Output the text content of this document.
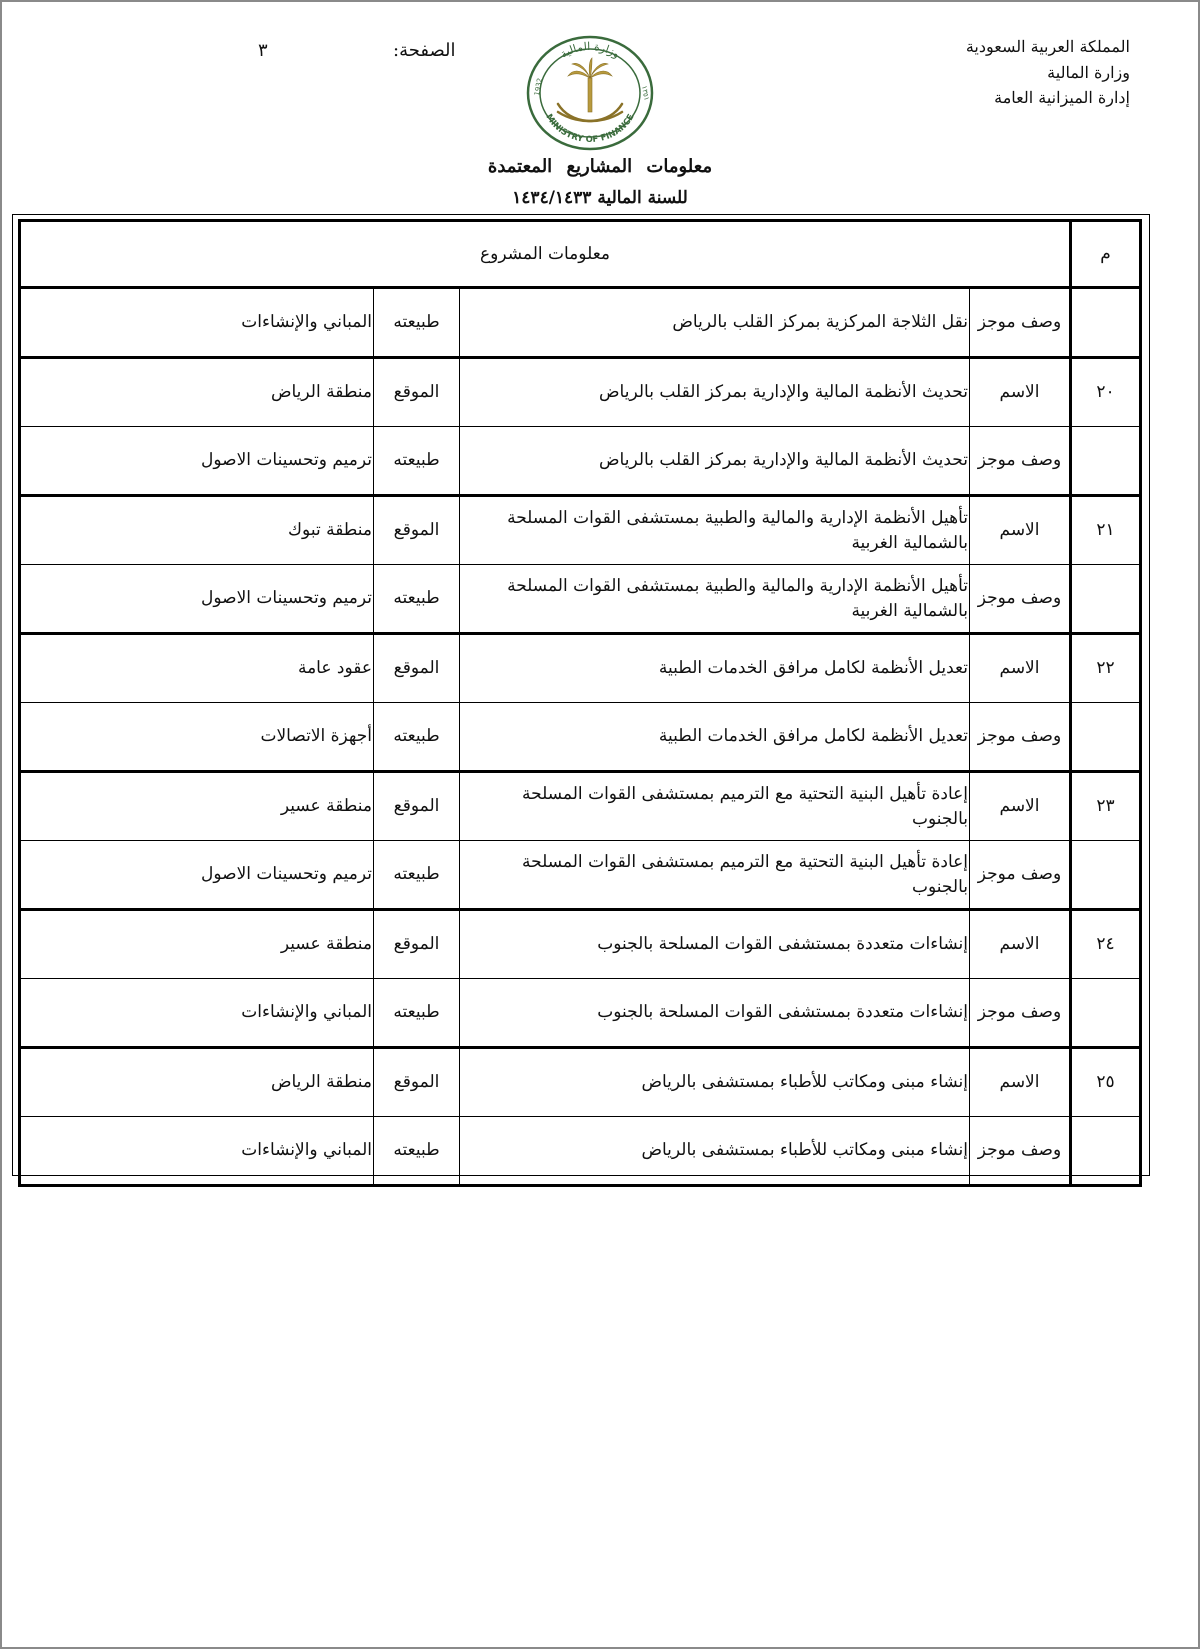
المملكة العربية السعودية
وزارة المالية
إدارة الميزانية العامة
وزارة المالية
MINISTRY OF FINANCE
1932	١٣٥١
الصفحة:
٣
معلومات المشاريع المعتمدة
للسنة المالية ١٤٣٤/١٤٣٣
م	معلومات المشروع			
	وصف موجز	نقل الثلاجة المركزية بمركز القلب بالرياض	طبيعته	المباني والإنشاءات
٢٠	الاسم	تحديث الأنظمة المالية والإدارية بمركز القلب بالرياض	الموقع	منطقة الرياض
	وصف موجز	تحديث الأنظمة المالية والإدارية بمركز القلب بالرياض	طبيعته	ترميم وتحسينات الاصول
٢١	الاسم	تأهيل الأنظمة الإدارية والمالية والطبية بمستشفى القوات المسلحة بالشمالية الغربية	الموقع	منطقة تبوك
	وصف موجز	تأهيل الأنظمة الإدارية والمالية والطبية بمستشفى القوات المسلحة بالشمالية الغربية	طبيعته	ترميم وتحسينات الاصول
٢٢	الاسم	تعديل الأنظمة لكامل مرافق الخدمات الطبية	الموقع	عقود عامة
	وصف موجز	تعديل الأنظمة لكامل مرافق الخدمات الطبية	طبيعته	أجهزة الاتصالات
٢٣	الاسم	إعادة تأهيل البنية التحتية مع الترميم بمستشفى القوات المسلحة بالجنوب	الموقع	منطقة عسير
	وصف موجز	إعادة تأهيل البنية التحتية مع الترميم بمستشفى القوات المسلحة بالجنوب	طبيعته	ترميم وتحسينات الاصول
٢٤	الاسم	إنشاءات متعددة بمستشفى القوات المسلحة بالجنوب	الموقع	منطقة عسير
	وصف موجز	إنشاءات متعددة بمستشفى القوات المسلحة بالجنوب	طبيعته	المباني والإنشاءات
٢٥	الاسم	إنشاء مبنى ومكاتب للأطباء بمستشفى بالرياض	الموقع	منطقة الرياض
	وصف موجز	إنشاء مبنى ومكاتب للأطباء بمستشفى بالرياض	طبيعته	المباني والإنشاءات
